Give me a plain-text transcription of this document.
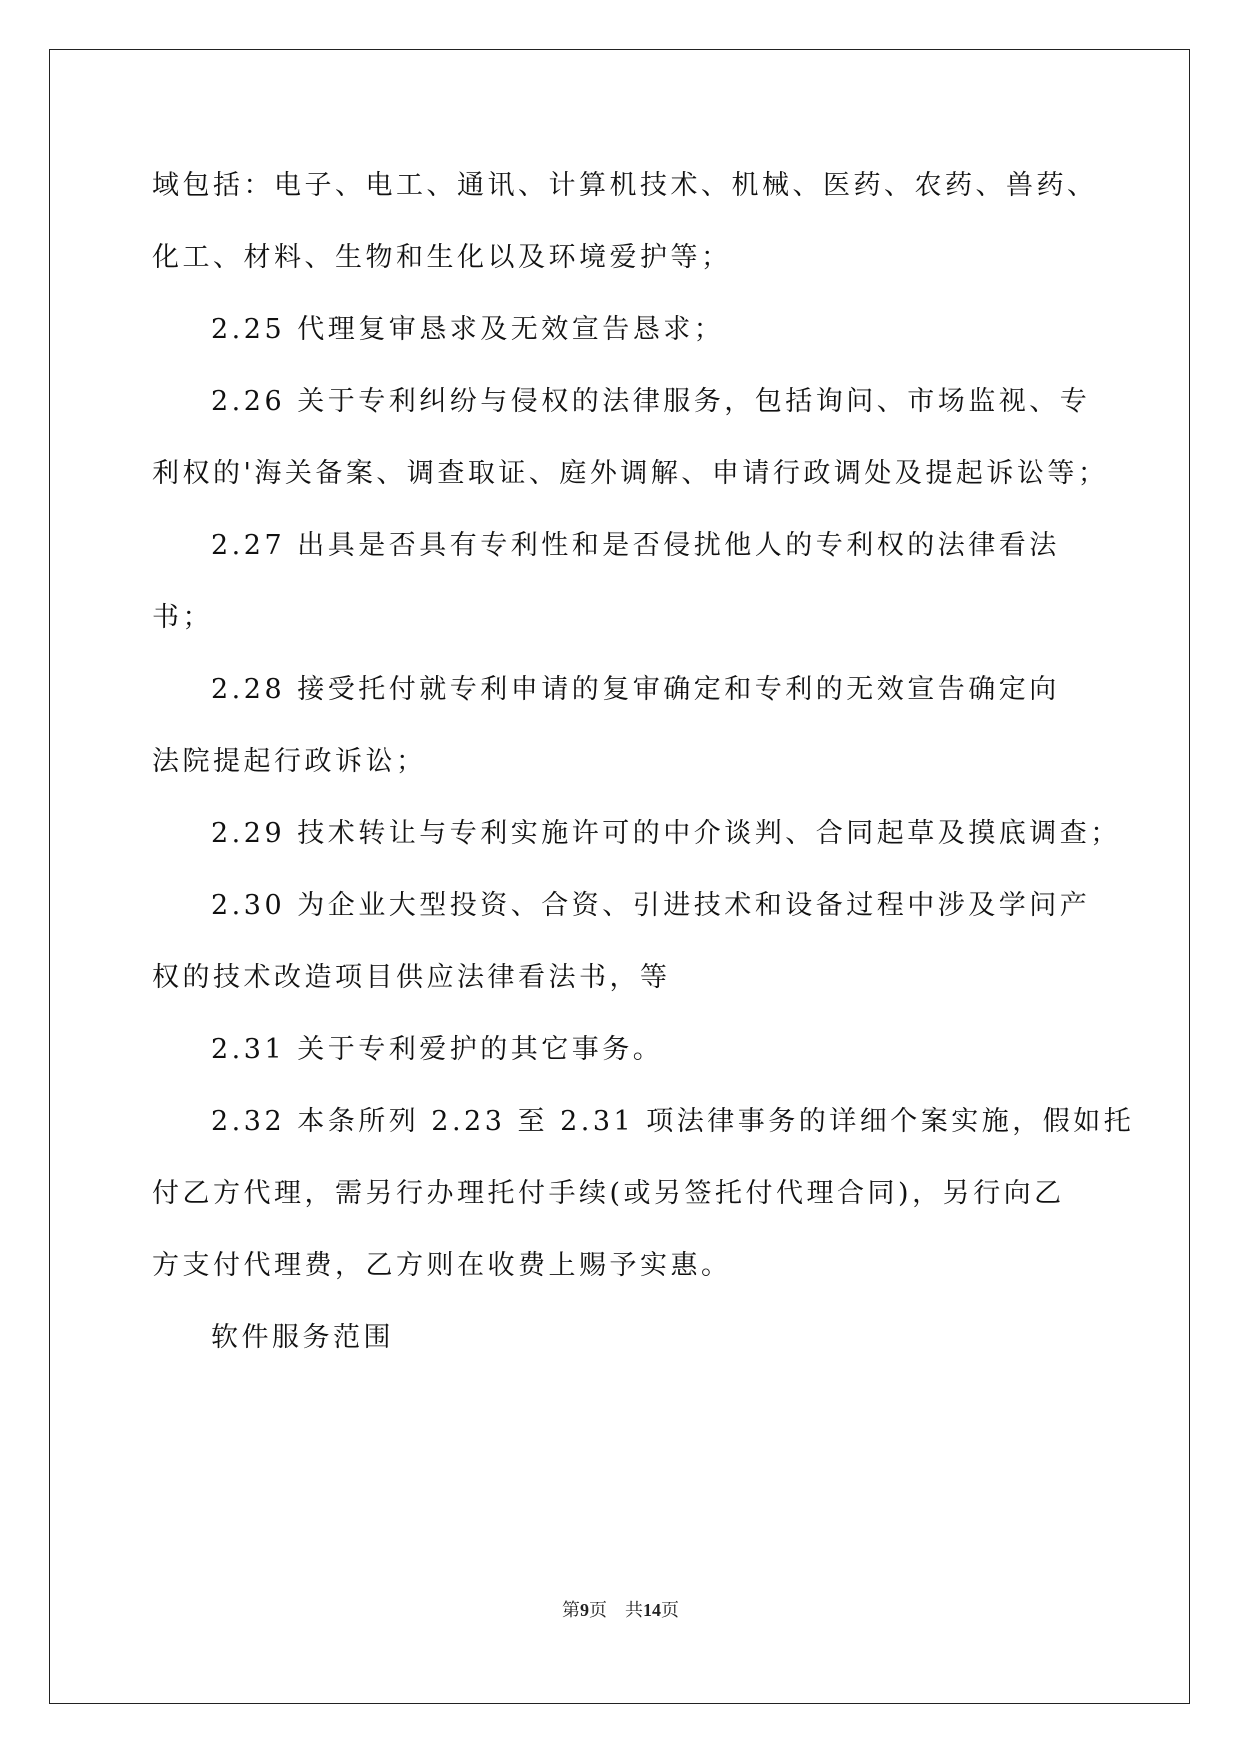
域包括：电子、电工、通讯、计算机技术、机械、医药、农药、兽药、
化工、材料、生物和生化以及环境爱护等；
2.25 代理复审恳求及无效宣告恳求；
2.26 关于专利纠纷与侵权的法律服务，包括询问、市场监视、专
利权的'海关备案、调查取证、庭外调解、申请行政调处及提起诉讼等；
2.27 出具是否具有专利性和是否侵扰他人的专利权的法律看法
书；
2.28 接受托付就专利申请的复审确定和专利的无效宣告确定向
法院提起行政诉讼；
2.29 技术转让与专利实施许可的中介谈判、合同起草及摸底调查；
2.30 为企业大型投资、合资、引进技术和设备过程中涉及学问产
权的技术改造项目供应法律看法书，等
2.31 关于专利爱护的其它事务。
2.32 本条所列 2.23 至 2.31 项法律事务的详细个案实施，假如托
付乙方代理，需另行办理托付手续(或另签托付代理合同)，另行向乙
方支付代理费，乙方则在收费上赐予实惠。
软件服务范围
第9页　共14页
